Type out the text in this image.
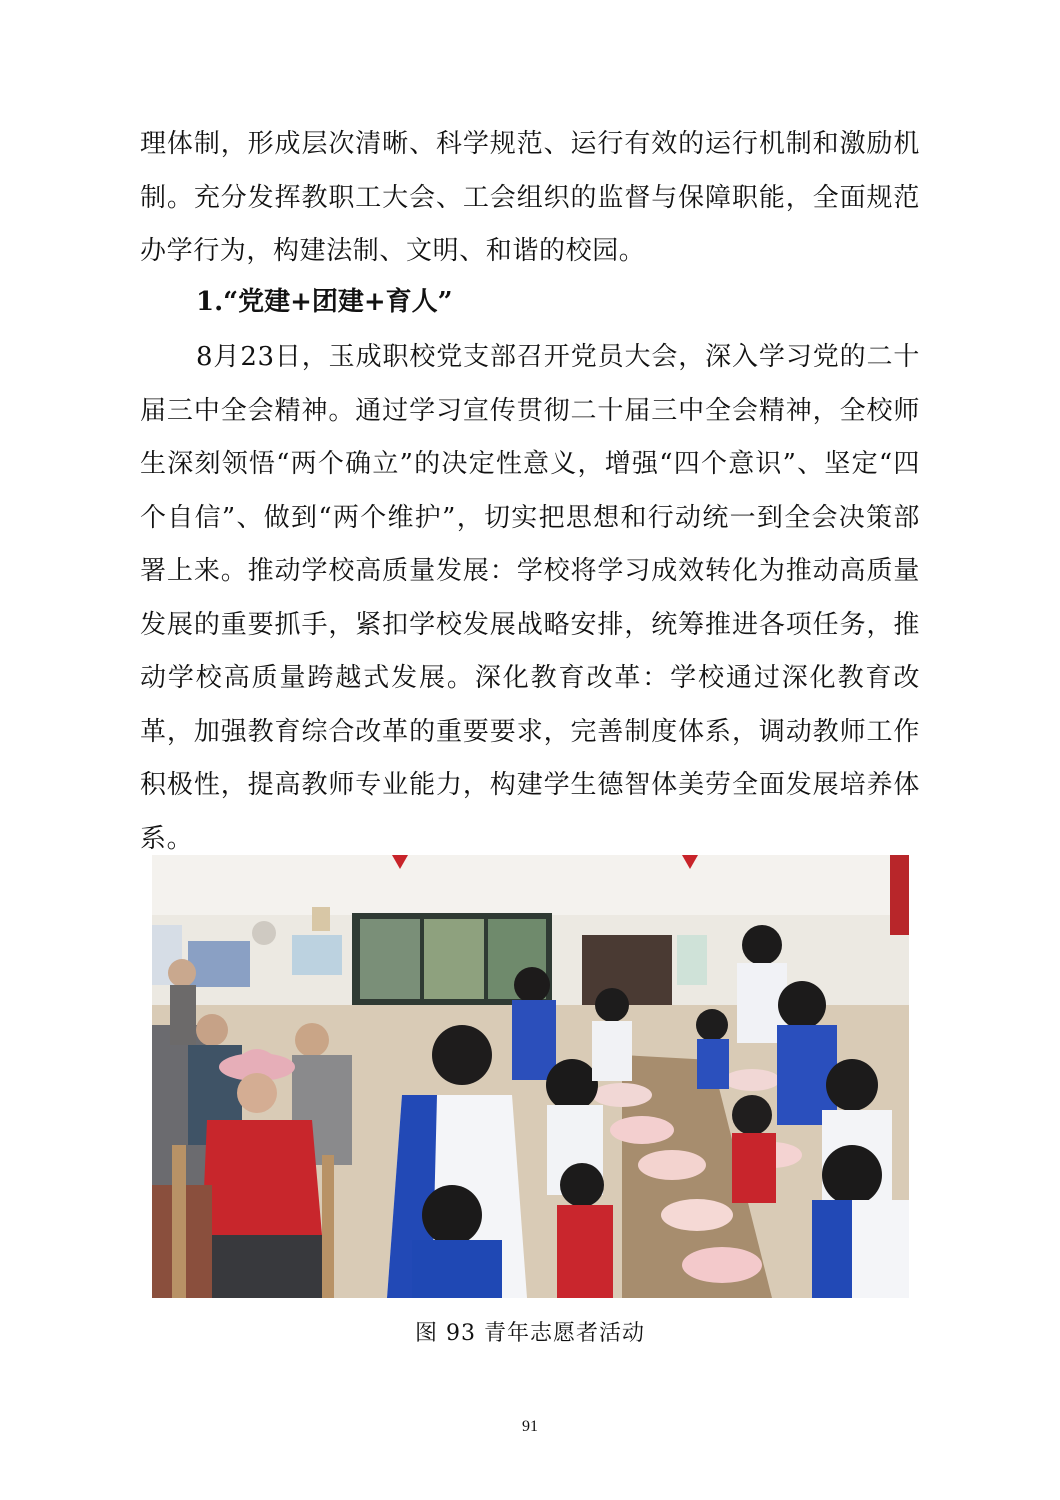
理体制，形成层次清晰、科学规范、运行有效的运行机制和激励机制。充分发挥教职工大会、工会组织的监督与保障职能，全面规范办学行为，构建法制、文明、和谐的校园。

1.“党建+团建+育人”

8月23日，玉成职校党支部召开党员大会，深入学习党的二十届三中全会精神。通过学习宣传贯彻二十届三中全会精神，全校师生深刻领悟“两个确立”的决定性意义，增强“四个意识”、坚定“四个自信”、做到“两个维护”，切实把思想和行动统一到全会决策部署上来。推动学校高质量发展：学校将学习成效转化为推动高质量发展的重要抓手，紧扣学校发展战略安排，统筹推进各项任务，推动学校高质量跨越式发展。深化教育改革：学校通过深化教育改革，加强教育综合改革的重要要求，完善制度体系，调动教师工作积极性，提高教师专业能力，构建学生德智体美劳全面发展培养体系。

图 93 青年志愿者活动
91
